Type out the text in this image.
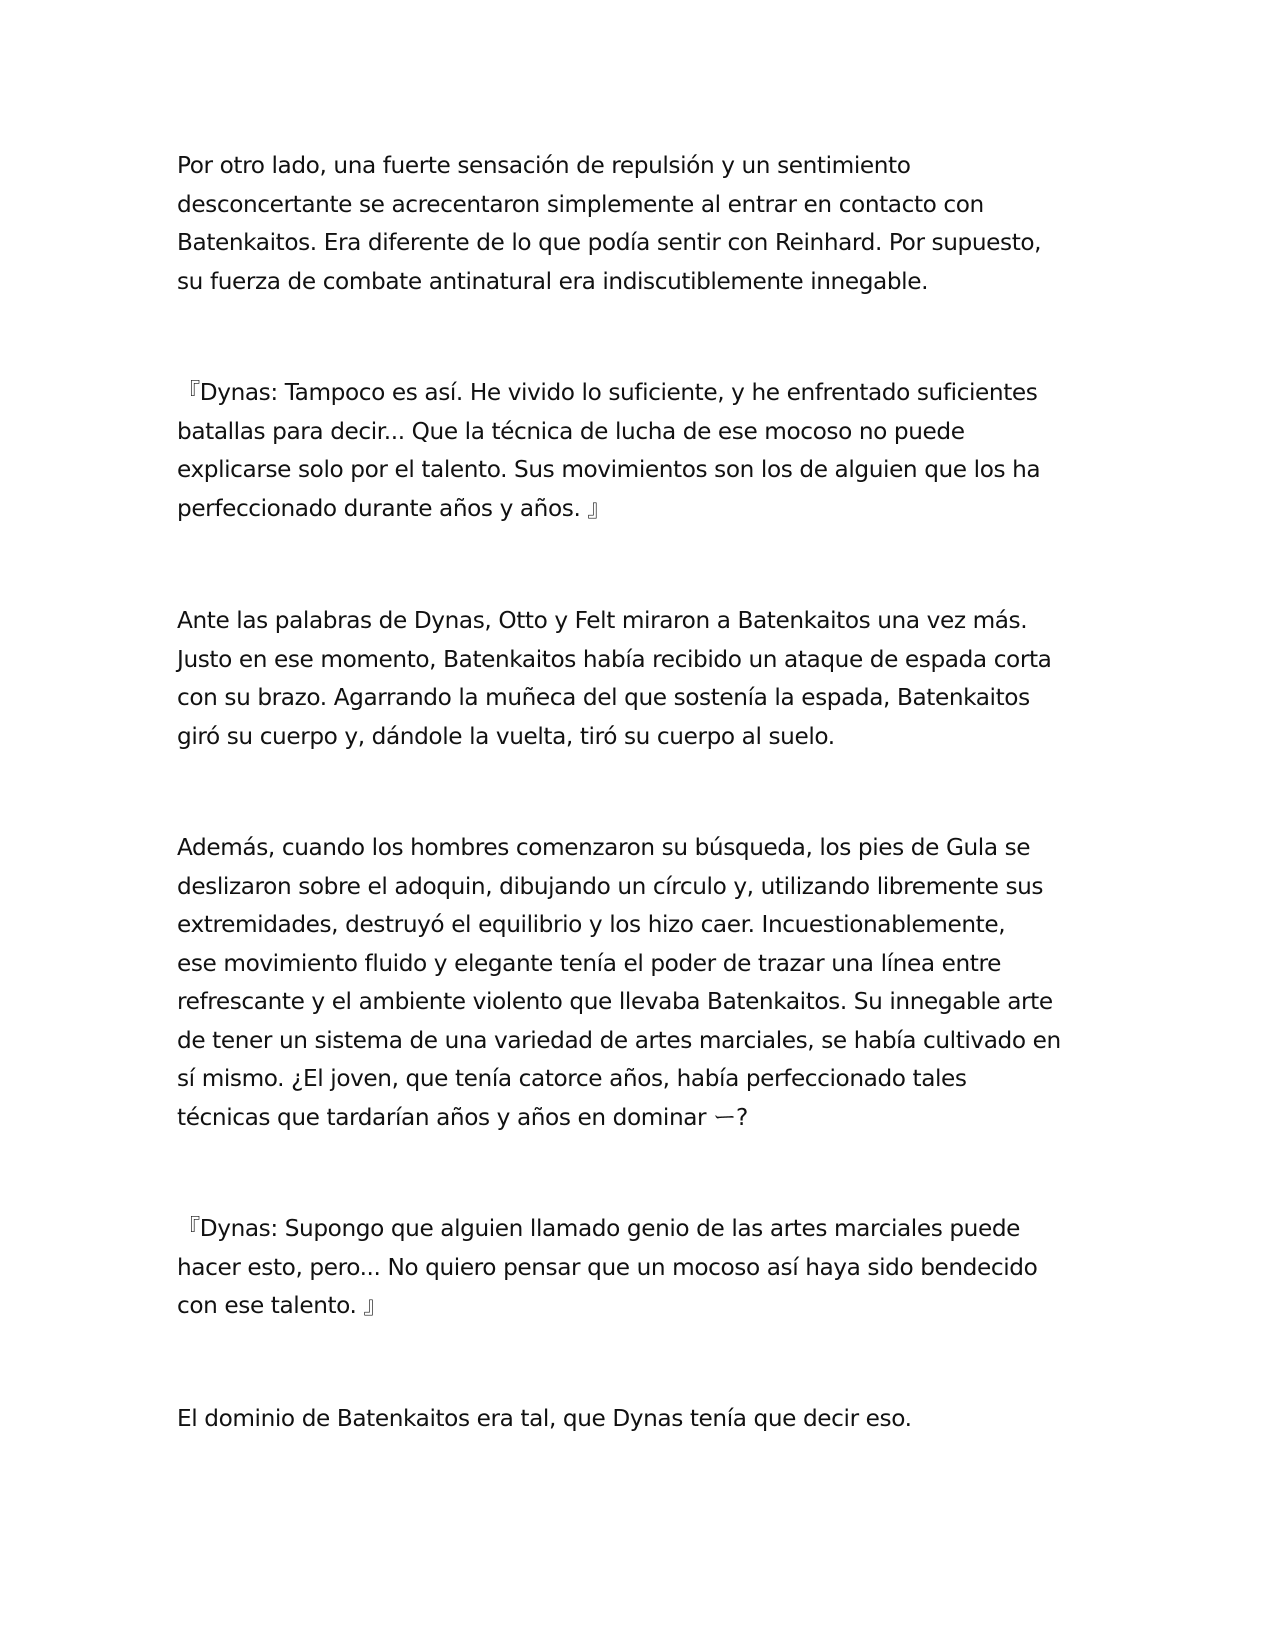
Por otro lado, una fuerte sensación de repulsión y un sentimiento
desconcertante se acrecentaron simplemente al entrar en contacto con
Batenkaitos. Era diferente de lo que podía sentir con Reinhard. Por supuesto,
su fuerza de combate antinatural era indiscutiblemente innegable.

『Dynas: Tampoco es así. He vivido lo suficiente, y he enfrentado suficientes
batallas para decir... Que la técnica de lucha de ese mocoso no puede
explicarse solo por el talento. Sus movimientos son los de alguien que los ha
perfeccionado durante años y años. 』

Ante las palabras de Dynas, Otto y Felt miraron a Batenkaitos una vez más.
Justo en ese momento, Batenkaitos había recibido un ataque de espada corta
con su brazo. Agarrando la muñeca del que sostenía la espada, Batenkaitos
giró su cuerpo y, dándole la vuelta, tiró su cuerpo al suelo.

Además, cuando los hombres comenzaron su búsqueda, los pies de Gula se
deslizaron sobre el adoquin, dibujando un círculo y, utilizando libremente sus
extremidades, destruyó el equilibrio y los hizo caer. Incuestionablemente,
ese movimiento fluido y elegante tenía el poder de trazar una línea entre
refrescante y el ambiente violento que llevaba Batenkaitos. Su innegable arte
de tener un sistema de una variedad de artes marciales, se había cultivado en
sí mismo. ¿El joven, que tenía catorce años, había perfeccionado tales
técnicas que tardarían años y años en dominar ー?

『Dynas: Supongo que alguien llamado genio de las artes marciales puede
hacer esto, pero... No quiero pensar que un mocoso así haya sido bendecido
con ese talento. 』

El dominio de Batenkaitos era tal, que Dynas tenía que decir eso.
